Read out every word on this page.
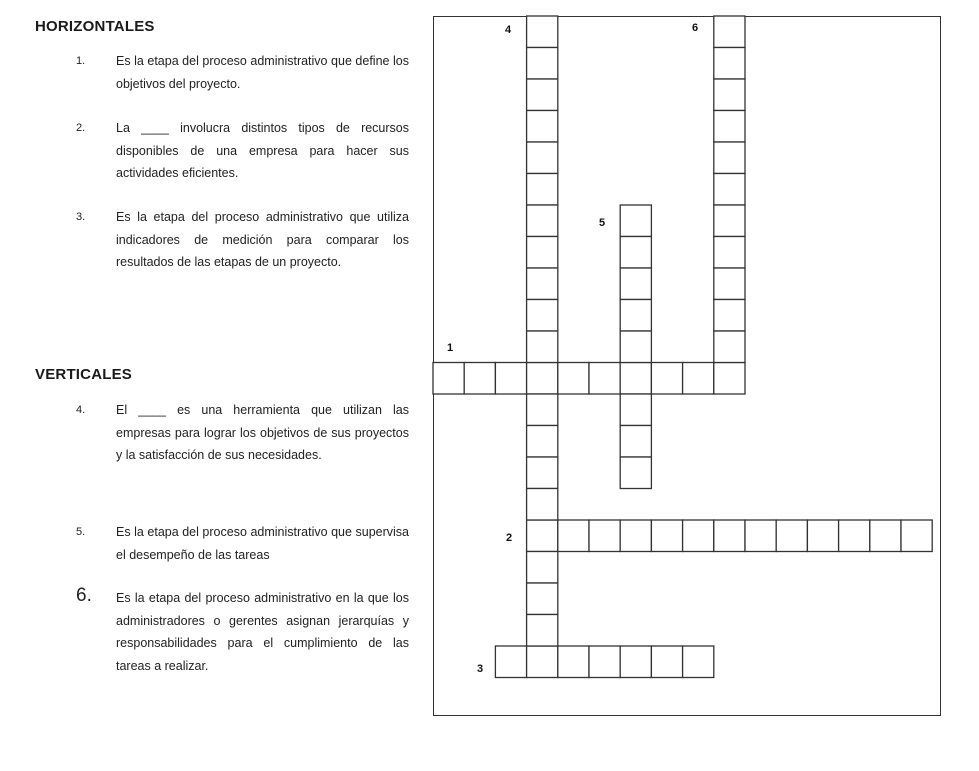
HORIZONTALES
1.	Es la etapa del proceso administrativo que define los objetivos del proyecto.
2.	La ____ involucra distintos tipos de recursos disponibles de una empresa para hacer sus actividades eficientes.
3.	Es la etapa del proceso administrativo que utiliza indicadores de medición para comparar los resultados de las etapas de un proyecto.
VERTICALES
4.	El ____ es una herramienta que utilizan las empresas para lograr los objetivos de sus proyectos y la satisfacción de sus necesidades.
5.	Es la etapa del proceso administrativo que supervisa el desempeño de las tareas
6.	Es la etapa del proceso administrativo en la que los administradores o gerentes asignan jerarquías y responsabilidades para el cumplimiento de las tareas a realizar.
1
2
3
4
5
6
